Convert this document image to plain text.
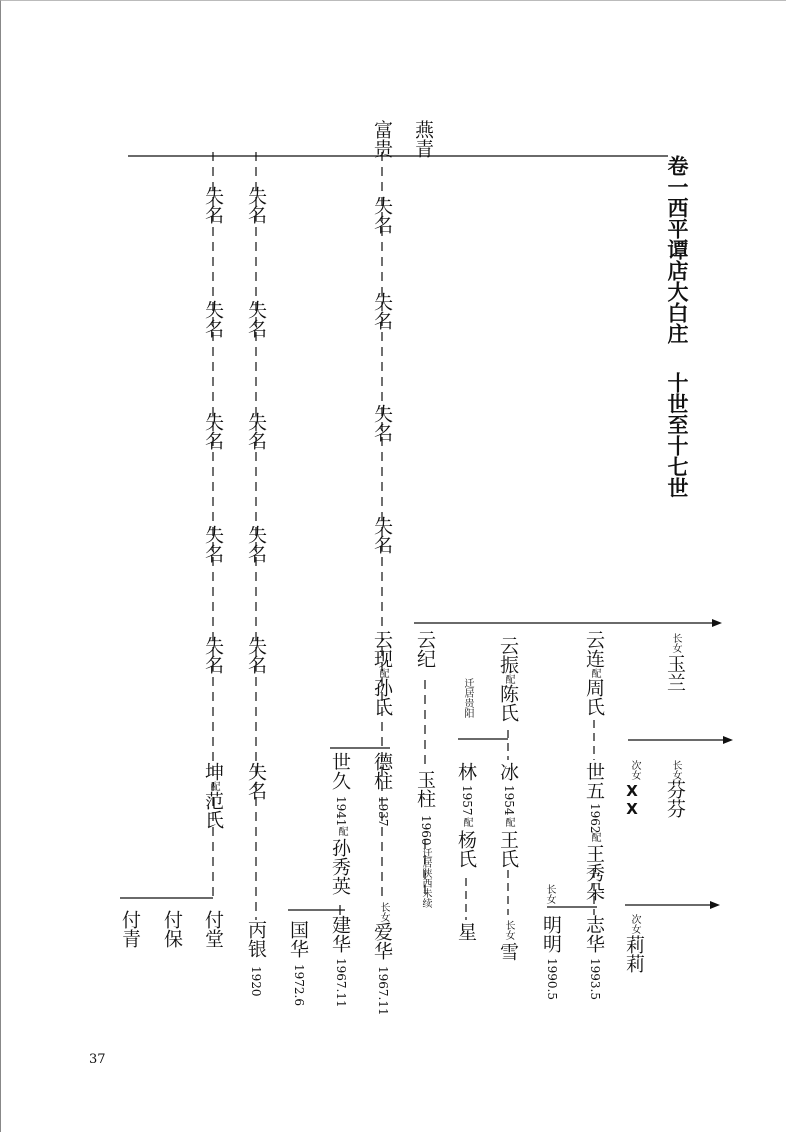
卷一西平谭店大白庄
十世至十七世
燕青
富贵
失名
失名
失名
失名
失名
坤配范氏
付堂
付保
付青
失名
失名
失名
失名
失名
失名
丙银
1920
失名
失名
失名
失名
云现配孙氏
德柱
1937
长女
爱华
1967.11
世久
1941
配
孙秀英
建华
1967.11
国华
1972.6
云纪
玉柱
1960
迁居陕西未续
云振配陈氏
迁居贵阳
冰
1954
配
王氏
长女
雪
林
1957
配
杨氏
星
云连配周氏
世五
1962
配
王秀朵
志华
1993.5
长女
明明
1990.5
长女
玉兰
次女
XX
长女
芬芬
次女
莉莉
37
